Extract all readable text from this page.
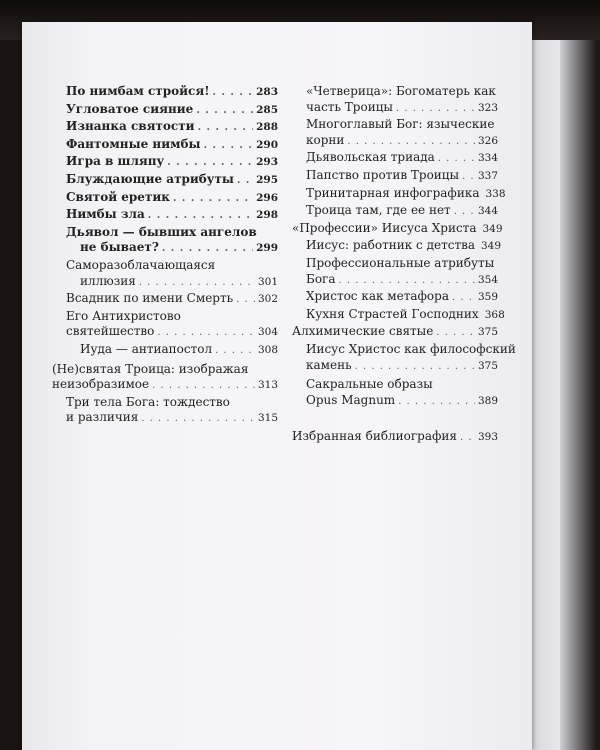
По нимбам стройся! . . .	283
Угловатое сияние . . .	285
Изнанка святости . . .	288
Фантомные нимбы . . .	290
Игра в шляпу . . .	293
Блуждающие атрибуты . . . 295
Святой еретик . . .	296
Нимбы зла . . .	298
Дьявол — бывших ангелов
не бывает? . . .	299
Саморазоблачающаяся
иллюзия . . .	301
Всадник по имени Смерть . . . 302
Его Антихристово
святейшество . . .	304
Иуда — антиапостол . . .	308
(Не)святая Троица: изображая
неизобразимое . . .	313
Три тела Бога: тождество
и различия . . .	315
«Четверица»: Богоматерь как
часть Троицы . . .	323
Многоглавый Бог: языческие
корни . . .	326
Дьявольская триада . . .	334
Папство против Троицы . . . 337
Тринитарная инфографика 338
Троица там, где ее нет . . .	344
«Профессии» Иисуса Христа 349
Иисус: работник с детства 349
Профессиональные атрибуты
Бога . . .	354
Христос как метафора . . .	359
Кухня Страстей Господних 368
Алхимические святые . . .	375
Иисус Христос как философский
камень . . .	375
Сакральные образы
Opus Magnum . . .	389
Избранная библиография . . . 393
